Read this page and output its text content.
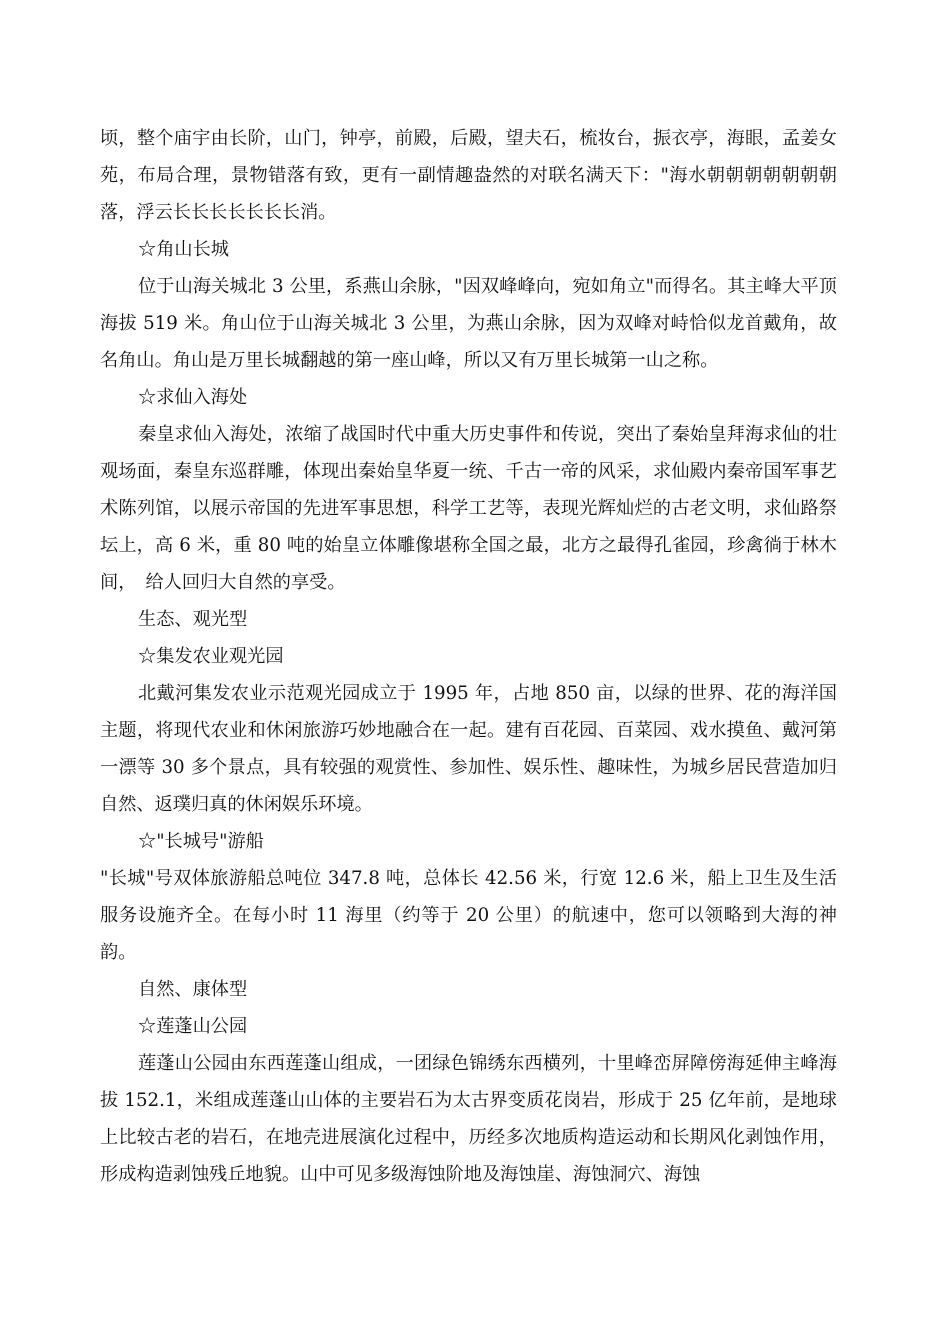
顷，整个庙宇由长阶，山门，钟亭，前殿，后殿，望夫石，梳妆台，振衣亭，海眼，孟姜女苑，布局合理，景物错落有致，更有一副情趣盎然的对联名满天下："海水朝朝朝朝朝朝朝落，浮云长长长长长长长消。

☆角山长城

位于山海关城北 3 公里，系燕山余脉，"因双峰峰向，宛如角立"而得名。其主峰大平顶海拔 519 米。角山位于山海关城北 3 公里，为燕山余脉，因为双峰对峙恰似龙首戴角，故名角山。角山是万里长城翻越的第一座山峰，所以又有万里长城第一山之称。

☆求仙入海处

秦皇求仙入海处，浓缩了战国时代中重大历史事件和传说，突出了秦始皇拜海求仙的壮观场面，秦皇东巡群雕，体现出秦始皇华夏一统、千古一帝的风采，求仙殿内秦帝国军事艺术陈列馆，以展示帝国的先进军事思想，科学工艺等，表现光辉灿烂的古老文明，求仙路祭坛上，高 6 米，重 80 吨的始皇立体雕像堪称全国之最，北方之最得孔雀园，珍禽徜于林木间，　给人回归大自然的享受。

生态、观光型

☆集发农业观光园

北戴河集发农业示范观光园成立于 1995 年，占地 850 亩，以绿的世界、花的海洋国主题，将现代农业和休闲旅游巧妙地融合在一起。建有百花园、百菜园、戏水摸鱼、戴河第一漂等 30 多个景点，具有较强的观赏性、参加性、娱乐性、趣味性，为城乡居民营造加归自然、返璞归真的休闲娱乐环境。

☆"长城号"游船

"长城"号双体旅游船总吨位 347.8 吨，总体长 42.56 米，行宽 12.6 米，船上卫生及生活服务设施齐全。在每小时 11 海里（约等于 20 公里）的航速中，您可以领略到大海的神韵。

自然、康体型

☆莲蓬山公园

莲蓬山公园由东西莲蓬山组成，一团绿色锦绣东西横列，十里峰峦屏障傍海延伸主峰海拔 152.1，米组成莲蓬山山体的主要岩石为太古界变质花岗岩，形成于 25 亿年前，是地球上比较古老的岩石，在地壳进展演化过程中，历经多次地质构造运动和长期风化剥蚀作用，形成构造剥蚀残丘地貌。山中可见多级海蚀阶地及海蚀崖、海蚀洞穴、海蚀
